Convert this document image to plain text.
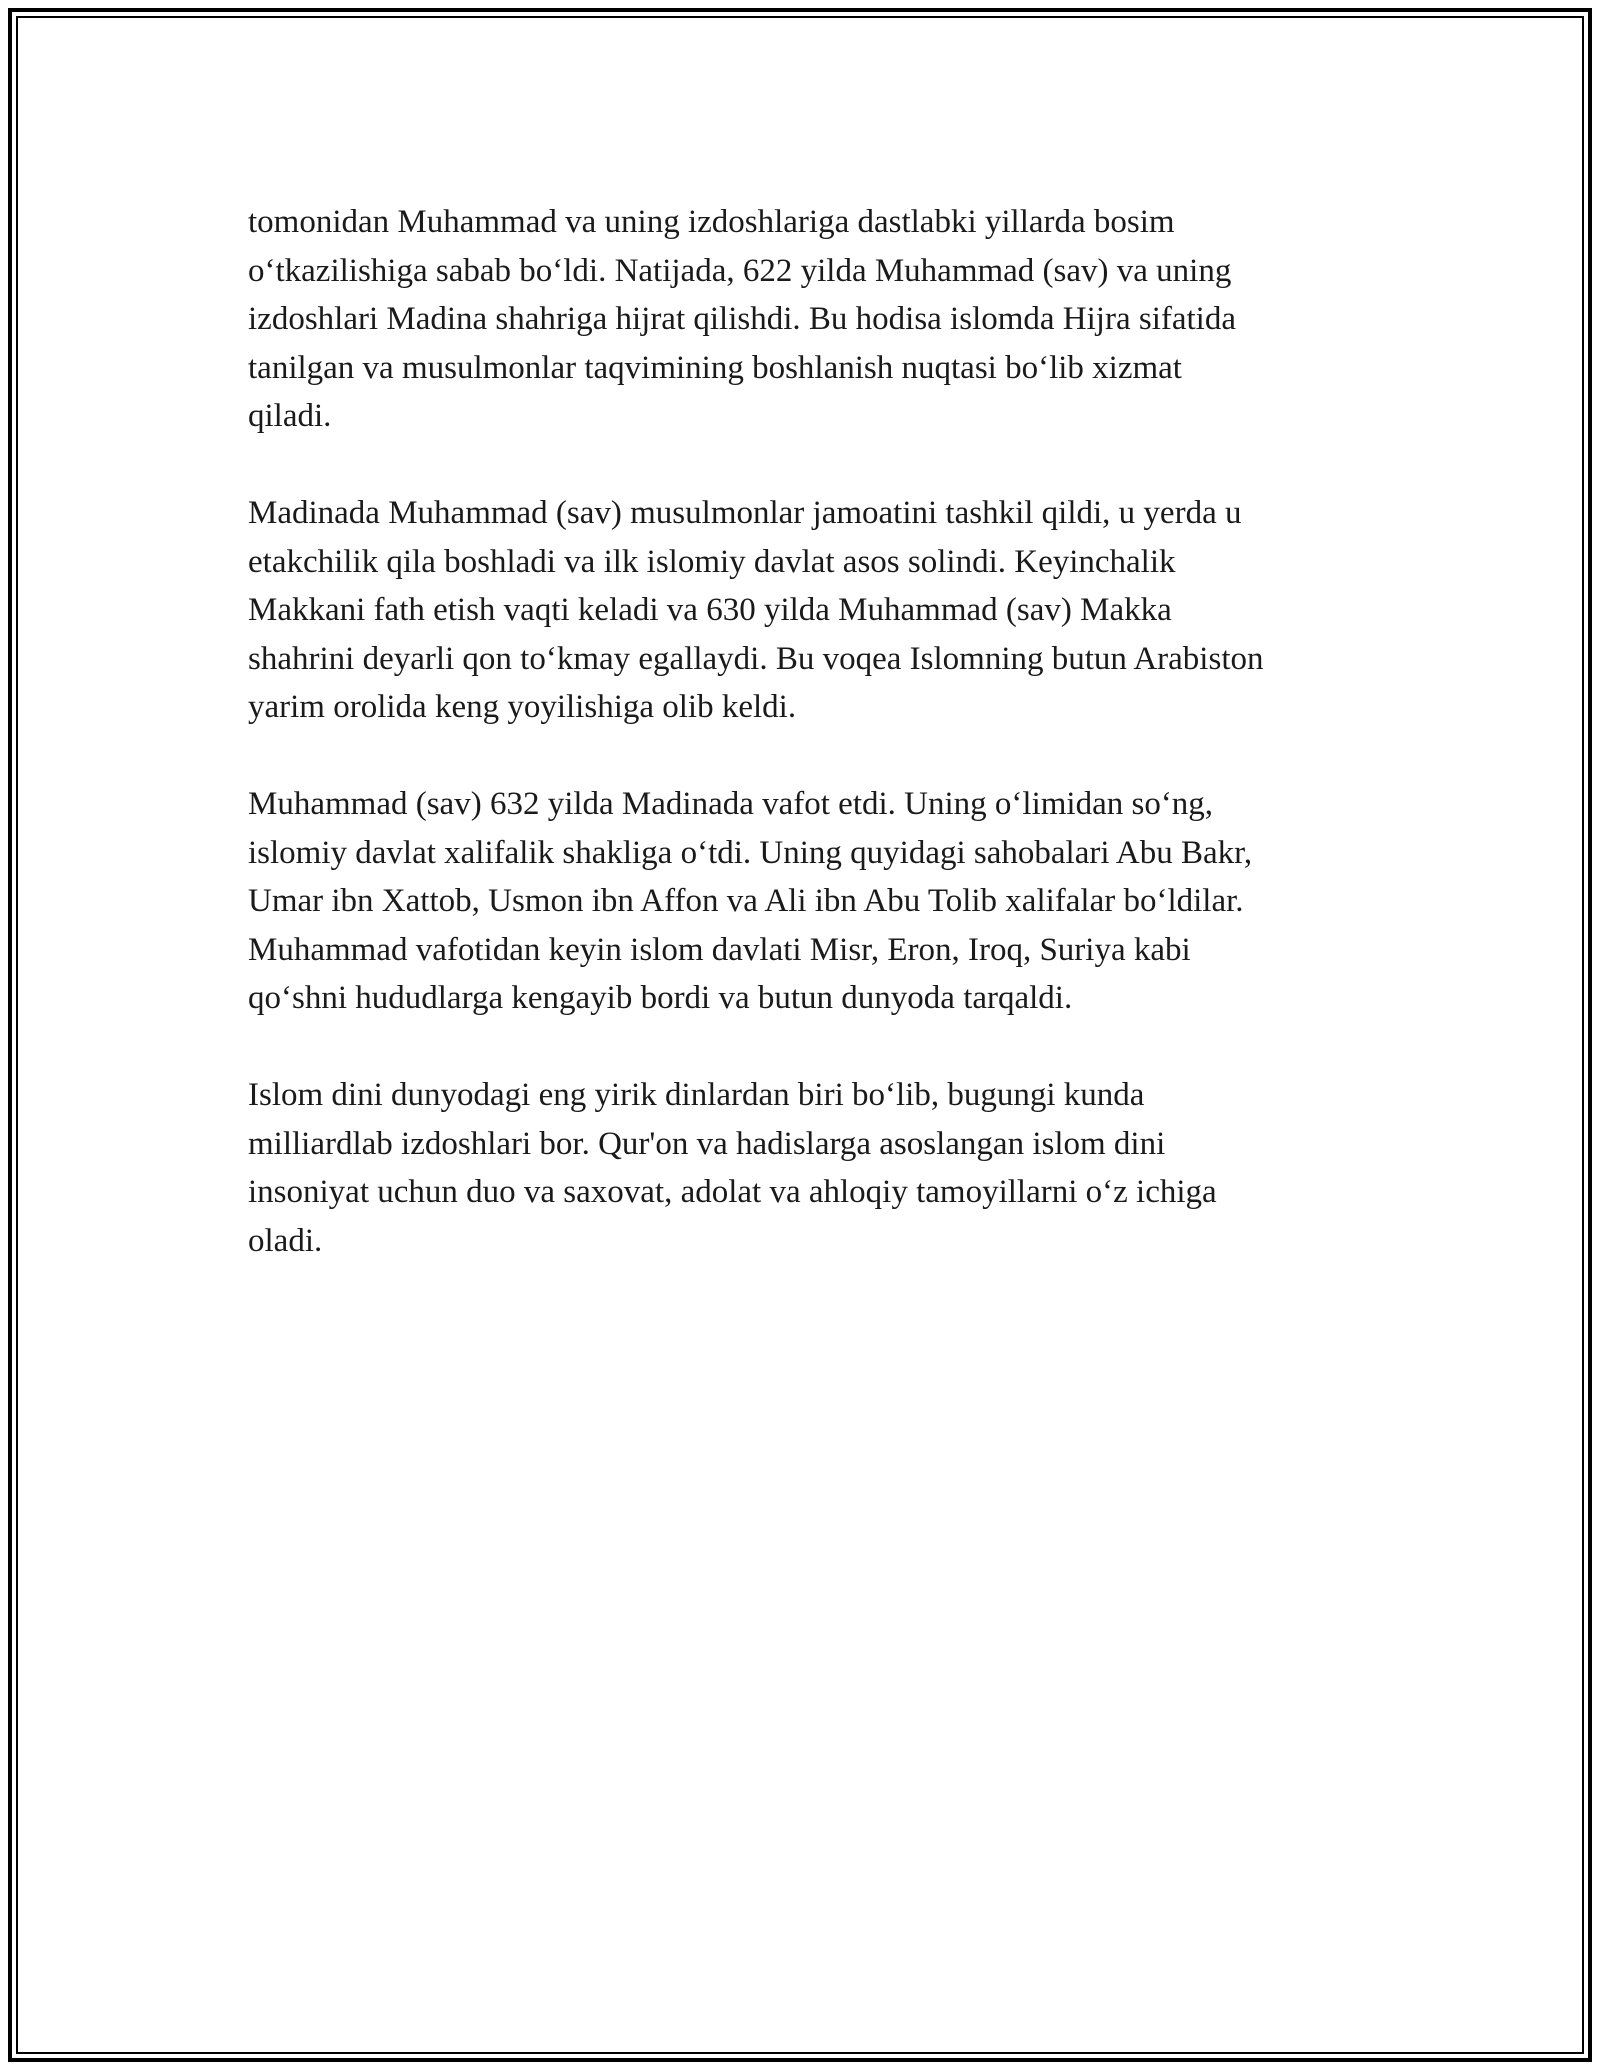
tomonidan Muhammad va uning izdoshlariga dastlabki yillarda bosim
o‘tkazilishiga sabab bo‘ldi. Natijada, 622 yilda Muhammad (sav) va uning
izdoshlari Madina shahriga hijrat qilishdi. Bu hodisa islomda Hijra sifatida
tanilgan va musulmonlar taqvimining boshlanish nuqtasi bo‘lib xizmat
qiladi.

Madinada Muhammad (sav) musulmonlar jamoatini tashkil qildi, u yerda u
etakchilik qila boshladi va ilk islomiy davlat asos solindi. Keyinchalik
Makkani fath etish vaqti keladi va 630 yilda Muhammad (sav) Makka
shahrini deyarli qon to‘kmay egallaydi. Bu voqea Islomning butun Arabiston
yarim orolida keng yoyilishiga olib keldi.

Muhammad (sav) 632 yilda Madinada vafot etdi. Uning o‘limidan so‘ng,
islomiy davlat xalifalik shakliga o‘tdi. Uning quyidagi sahobalari Abu Bakr,
Umar ibn Xattob, Usmon ibn Affon va Ali ibn Abu Tolib xalifalar bo‘ldilar.
Muhammad vafotidan keyin islom davlati Misr, Eron, Iroq, Suriya kabi
qo‘shni hududlarga kengayib bordi va butun dunyoda tarqaldi.

Islom dini dunyodagi eng yirik dinlardan biri bo‘lib, bugungi kunda
milliardlab izdoshlari bor. Qur'on va hadislarga asoslangan islom dini
insoniyat uchun duo va saxovat, adolat va ahloqiy tamoyillarni o‘z ichiga
oladi.
